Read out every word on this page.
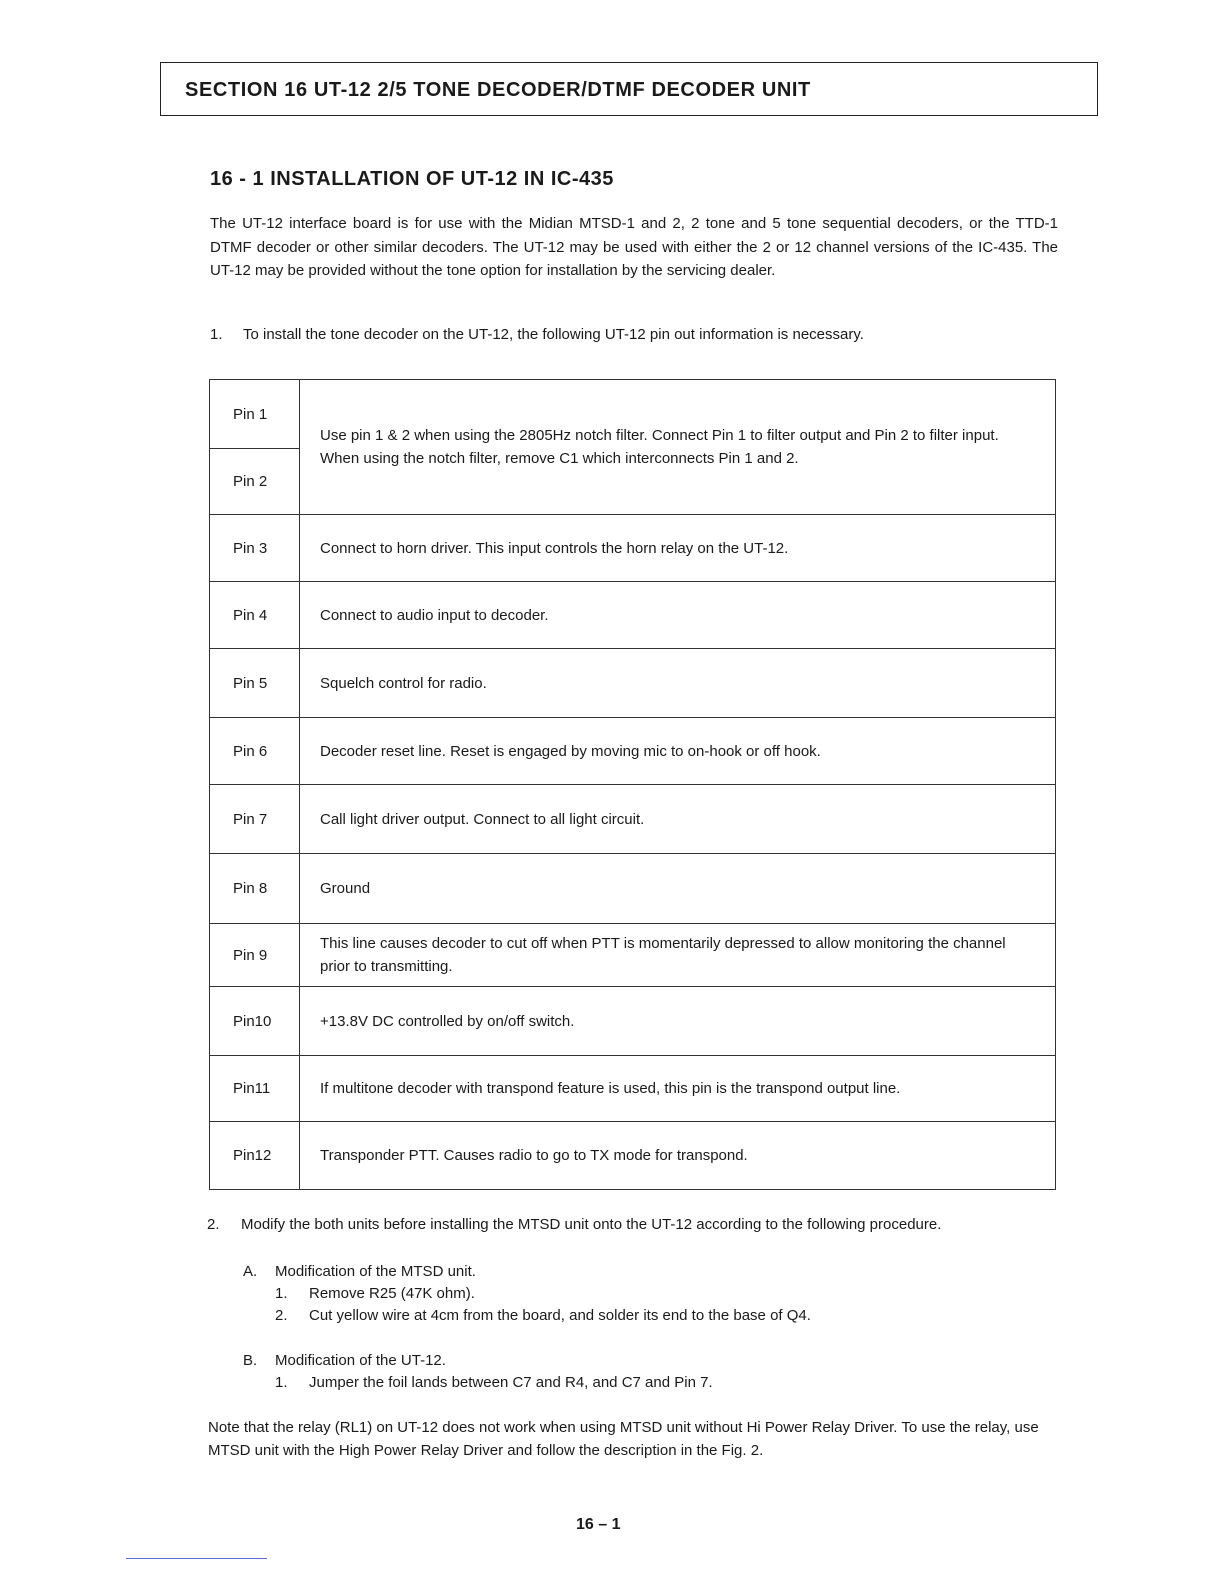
SECTION 16 UT-12 2/5 TONE DECODER/DTMF DECODER UNIT
16 - 1 INSTALLATION OF UT-12 IN IC-435

The UT-12 interface board is for use with the Midian MTSD-1 and 2, 2 tone and 5 tone sequential decoders, or the TTD-1 DTMF decoder or other similar decoders. The UT-12 may be used with either the 2 or 12 channel versions of the IC-435. The UT-12 may be provided without the tone option for installation by the servicing dealer.

1. To install the tone decoder on the UT-12, the following UT-12 pin out information is necessary.
Pin 1	Use pin 1 & 2 when using the 2805Hz notch filter. Connect Pin 1 to filter output and Pin 2 to filter input. When using the notch filter, remove C1 which interconnects Pin 1 and 2.
Pin 2	
Pin 3	Connect to horn driver. This input controls the horn relay on the UT-12.
Pin 4	Connect to audio input to decoder.
Pin 5	Squelch control for radio.
Pin 6	Decoder reset line. Reset is engaged by moving mic to on-hook or off hook.
Pin 7	Call light driver output. Connect to all light circuit.
Pin 8	Ground
Pin 9	This line causes decoder to cut off when PTT is momentarily depressed to allow monitoring the channel prior to transmitting.
Pin10	+13.8V DC controlled by on/off switch.
Pin11	If multitone decoder with transpond feature is used, this pin is the transpond output line.
Pin12	Transponder PTT. Causes radio to go to TX mode for transpond.
2. Modify the both units before installing the MTSD unit onto the UT-12 according to the following procedure.
A. Modification of the MTSD unit.
1. Remove R25 (47K ohm).
2. Cut yellow wire at 4cm from the board, and solder its end to the base of Q4.
B. Modification of the UT-12.
1. Jumper the foil lands between C7 and R4, and C7 and Pin 7.

Note that the relay (RL1) on UT-12 does not work when using MTSD unit without Hi Power Relay Driver. To use the relay, use MTSD unit with the High Power Relay Driver and follow the description in the Fig. 2.

16 – 1
